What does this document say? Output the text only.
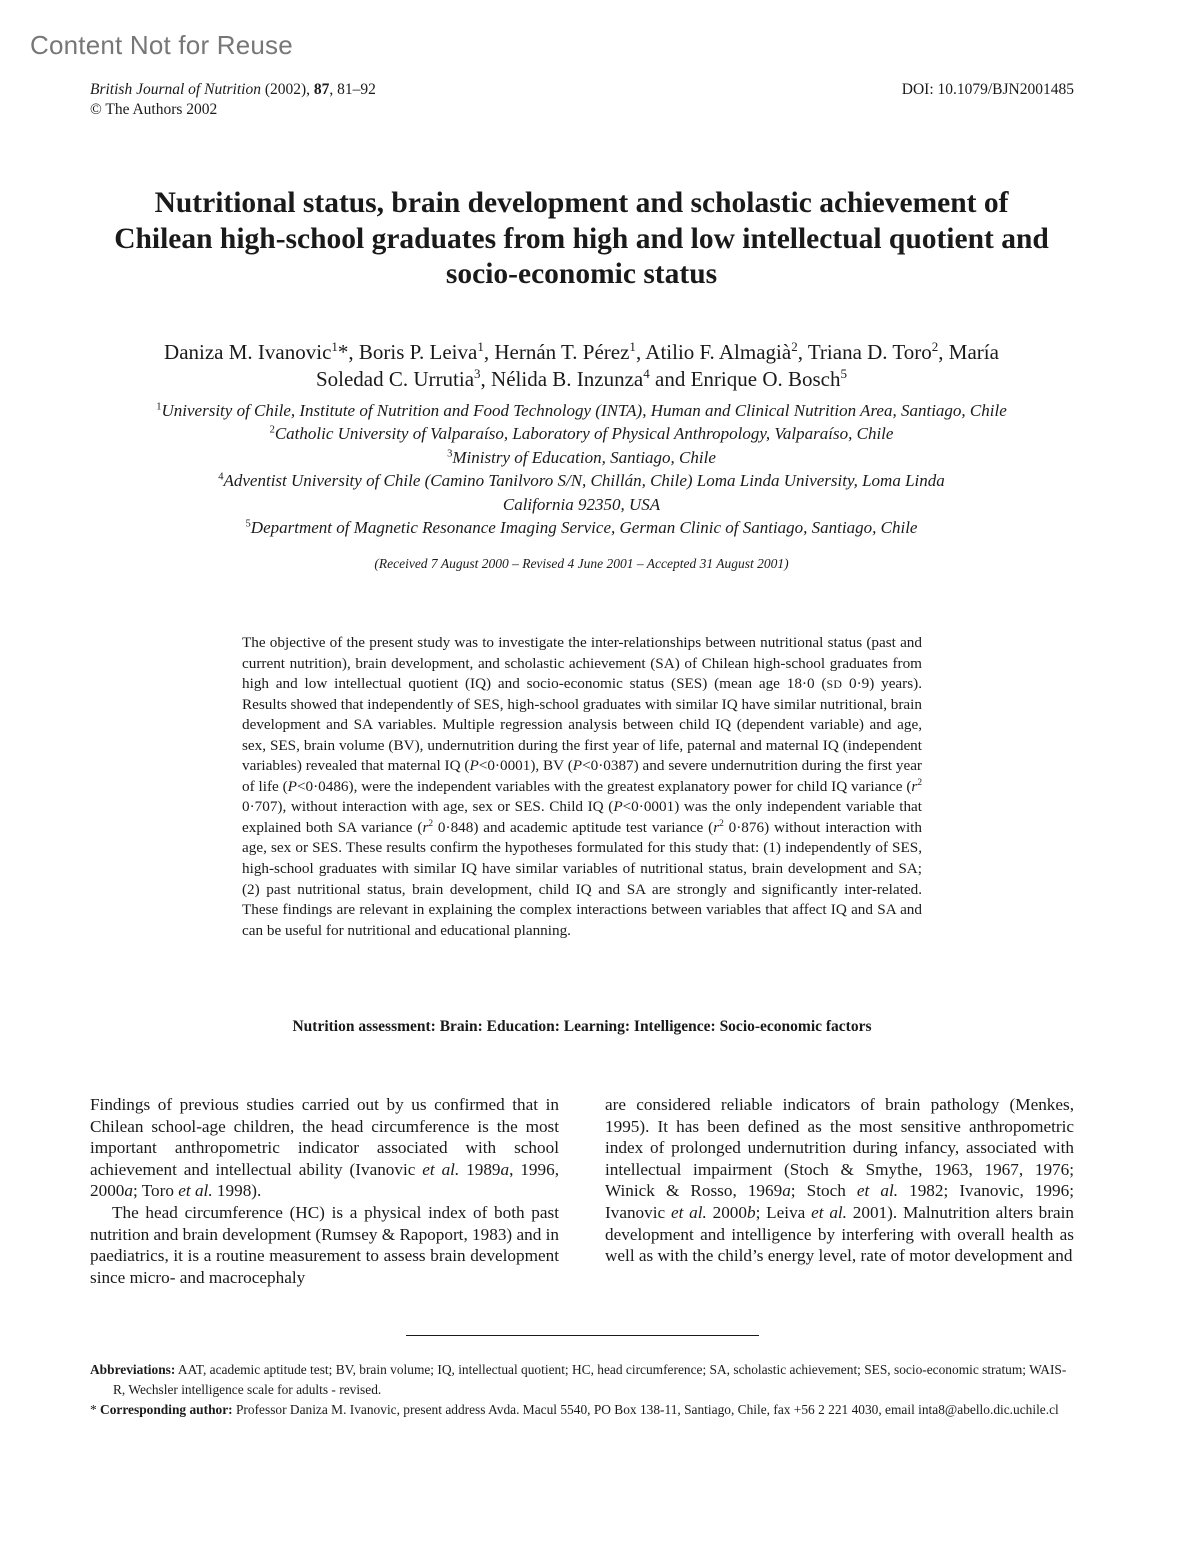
Content Not for Reuse
British Journal of Nutrition (2002), 87, 81–92
© The Authors 2002
DOI: 10.1079/BJN2001485
Nutritional status, brain development and scholastic achievement of
Chilean high-school graduates from high and low intellectual quotient and
socio-economic status
Daniza M. Ivanovic$^1$*, Boris P. Leiva$^1$, Hernán T. Pérez$^1$, Atilio F. Almagià$^2$, Triana D. Toro$^2$, María
Soledad C. Urrutia$^3$, Nélida B. Inzunza$^4$ and Enrique O. Bosch$^5$
$^1$University of Chile, Institute of Nutrition and Food Technology (INTA), Human and Clinical Nutrition Area, Santiago, Chile
$^2$Catholic University of Valparaíso, Laboratory of Physical Anthropology, Valparaíso, Chile
$^3$Ministry of Education, Santiago, Chile
$^4$Adventist University of Chile (Camino Tanilvoro S/N, Chillán, Chile) Loma Linda University, Loma Linda
California 92350, USA
$^5$Department of Magnetic Resonance Imaging Service, German Clinic of Santiago, Santiago, Chile
(Received 7 August 2000 – Revised 4 June 2001 – Accepted 31 August 2001)
The objective of the present study was to investigate the inter-relationships between nutritional status (past and current nutrition), brain development, and scholastic achievement (SA) of Chilean high-school graduates from high and low intellectual quotient (IQ) and socio-economic status (SES) (mean age 18·0 (SD 0·9) years). Results showed that independently of SES, high-school graduates with similar IQ have similar nutritional, brain development and SA variables. Multiple regression analysis between child IQ (dependent variable) and age, sex, SES, brain volume (BV), undernutrition during the first year of life, paternal and maternal IQ (independent variables) revealed that maternal IQ (P<0·0001), BV (P<0·0387) and severe undernutrition during the first year of life (P<0·0486), were the independent variables with the greatest explanatory power for child IQ variance ($r^2$ 0·707), without interaction with age, sex or SES. Child IQ (P<0·0001) was the only independent variable that explained both SA variance ($r^2$ 0·848) and academic aptitude test variance ($r^2$ 0·876) without interaction with age, sex or SES. These results confirm the hypotheses formulated for this study that: (1) independently of SES, high-school graduates with similar IQ have similar variables of nutritional status, brain development and SA; (2) past nutritional status, brain development, child IQ and SA are strongly and significantly inter-related. These findings are relevant in explaining the complex interactions between variables that affect IQ and SA and can be useful for nutritional and educational planning.
Nutrition assessment: Brain: Education: Learning: Intelligence: Socio-economic factors

Findings of previous studies carried out by us confirmed that in Chilean school-age children, the head circumference is the most important anthropometric indicator associated with school achievement and intellectual ability (Ivanovic et al. 1989a, 1996, 2000a; Toro et al. 1998).

The head circumference (HC) is a physical index of both past nutrition and brain development (Rumsey & Rapoport, 1983) and in paediatrics, it is a routine measurement to assess brain development since micro- and macrocephaly

are considered reliable indicators of brain pathology (Menkes, 1995). It has been defined as the most sensitive anthropometric index of prolonged undernutrition during infancy, associated with intellectual impairment (Stoch & Smythe, 1963, 1967, 1976; Winick & Rosso, 1969a; Stoch et al. 1982; Ivanovic, 1996; Ivanovic et al. 2000b; Leiva et al. 2001). Malnutrition alters brain development and intelligence by interfering with overall health as well as with the child’s energy level, rate of motor development and

Abbreviations: AAT, academic aptitude test; BV, brain volume; IQ, intellectual quotient; HC, head circumference; SA, scholastic achievement; SES, socio-economic stratum; WAIS-R, Wechsler intelligence scale for adults - revised.
* Corresponding author: Professor Daniza M. Ivanovic, present address Avda. Macul 5540, PO Box 138-11, Santiago, Chile, fax +56 2 221 4030, email inta8@abello.dic.uchile.cl
